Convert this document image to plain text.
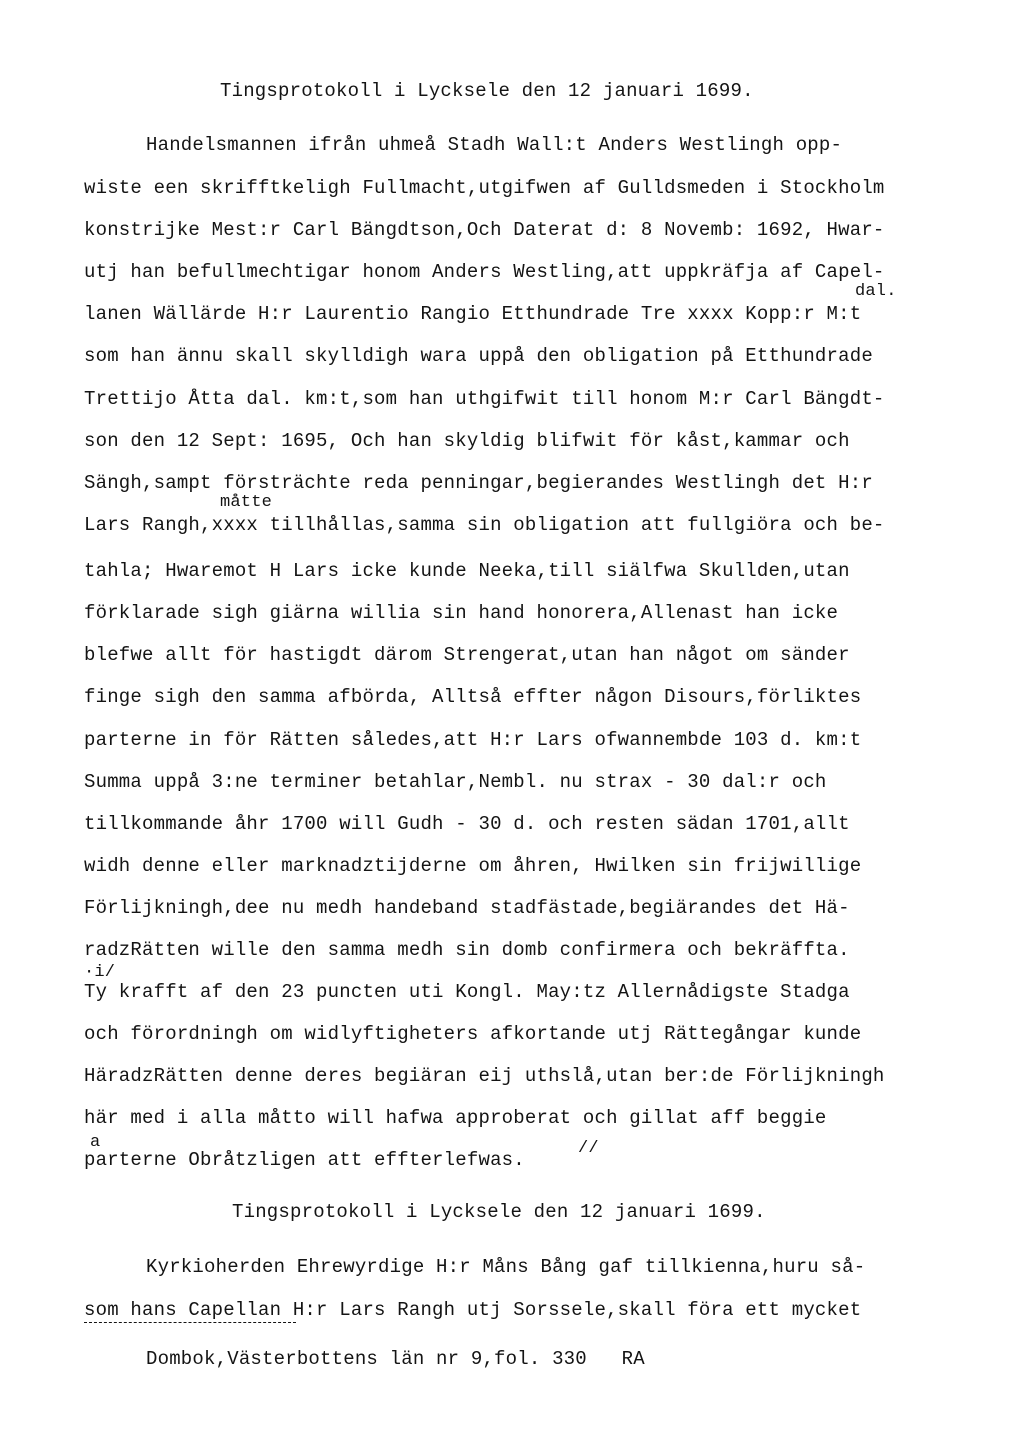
Tingsprotokoll i Lycksele den 12 januari 1699.
Handelsmannen ifrån uhmeå Stadh Wall:t Anders Westlingh opp-
wiste een skrifftkeligh Fullmacht,utgifwen af Gulldsmeden i Stockholm
konstrijke Mest:r Carl Bängdtson,Och Daterat d: 8 Novemb: 1692, Hwar-
utj han befullmechtigar honom Anders Westling,att uppkräfja af Capel-
dal.
lanen Wällärde H:r Laurentio Rangio Etthundrade Tre xxxx Kopp:r M:t
som han ännu skall skylldigh wara uppå den obligation på Etthundrade
Trettijo Åtta dal. km:t,som han uthgifwit till honom M:r Carl Bängdt-
son den 12 Sept: 1695, Och han skyldig blifwit för kåst,kammar och
Sängh,sampt försträchte reda penningar,begierandes Westlingh det H:r
måtte
Lars Rangh,xxxx tillhållas,samma sin obligation att fullgiöra och be-
tahla; Hwaremot H Lars icke kunde Neeka,till siälfwa Skullden,utan
förklarade sigh giärna willia sin hand honorera,Allenast han icke
blefwe allt för hastigdt därom Strengerat,utan han något om sänder
finge sigh den samma afbörda, Alltså effter någon Disours,förliktes
parterne in för Rätten således,att H:r Lars ofwannembde 103 d. km:t
Summa uppå 3:ne terminer betahlar,Nembl. nu strax - 30 dal:r och
tillkommande åhr 1700 will Gudh - 30 d. och resten sädan 1701,allt
widh denne eller marknadztijderne om åhren, Hwilken sin frijwillige
Förlijkningh,dee nu medh handeband stadfästade,begiärandes det Hä-
radzRätten wille den samma medh sin domb confirmera och bekräffta.
·i/
Ty krafft af den 23 puncten uti Kongl. May:tz Allernådigste Stadga
och förordningh om widlyftigheters afkortande utj Rättegångar kunde
HäradzRätten denne deres begiäran eij uthslå,utan ber:de Förlijkningh
här med i alla måtto will hafwa approberat och gillat aff beggie
a	//
parterne Obråtzligen att effterlefwas.
Tingsprotokoll i Lycksele den 12 januari 1699.
Kyrkioherden Ehrewyrdige H:r Måns Bång gaf tillkienna,huru så-
som hans Capellan H:r Lars Rangh utj Sorssele,skall föra ett mycket
Dombok,Västerbottens län nr 9,fol. 330   RA
